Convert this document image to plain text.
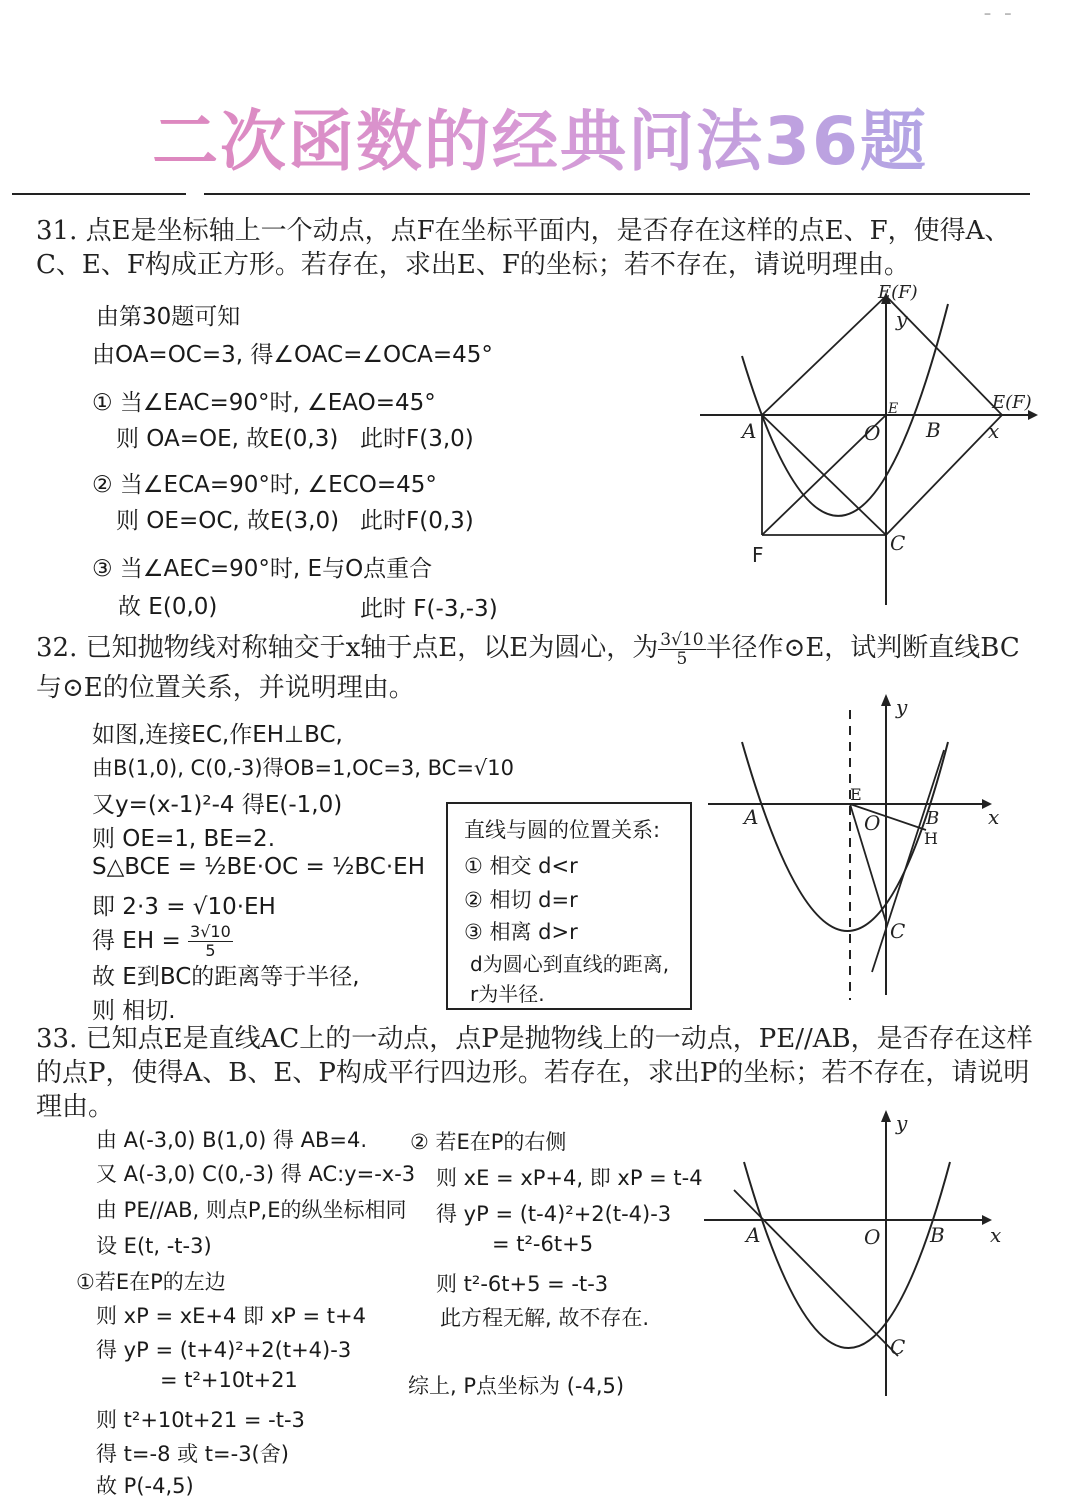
–   –
二次函数的经典问法36题
31. 点E是坐标轴上一个动点，点F在坐标平面内，是否存在这样的点E、F，使得A、C、E、F构成正方形。若存在，求出E、F的坐标；若不存在，请说明理由。
由第30题可知
由OA=OC=3, 得∠OAC=∠OCA=45°
① 当∠EAC=90°时, ∠EAO=45°
则 OA=OE, 故E(0,3) 此时F(3,0)
② 当∠ECA=90°时, ∠ECO=45°
则 OE=OC, 故E(3,0) 此时F(0,3)
③ 当∠AEC=90°时, E与O点重合
故 E(0,0)	此时 F(-3,-3)
E(F)
y
E(F)
E
A	O B x
C
F
32. 已知抛物线对称轴交于x轴于点E，以E为圆心，为 $\frac{3√10}{5}$ 半径作⊙E，试判断直线BC与⊙E的位置关系，并说明理由。
如图,连接EC,作EH⊥BC,
由B(1,0), C(0,-3)得OB=1,OC=3, BC=√10
又y=(x-1)²-4 得E(-1,0)
则 OE=1, BE=2.
S△BCE = ½BE·OC = ½BC·EH
即 2·3 = √10·EH
得 EH = $\frac{3√10}{5}$
故 E到BC的距离等于半径,
则 相切.
直线与圆的位置关系:
① 相交 d<r
② 相切 d=r
③ 相离 d>r
d为圆心到直线的距离,
r为半径.
y
E
A	O	B
H
x
C
33. 已知点E是直线AC上的一动点，点P是抛物线上的一动点，PE//AB，是否存在这样的点P，使得A、B、E、P构成平行四边形。若存在，求出P的坐标；若不存在，请说明理由。
由 A(-3,0) B(1,0) 得 AB=4.
又 A(-3,0) C(0,-3) 得 AC:y=-x-3
由 PE//AB, 则点P,E的纵坐标相同
设 E(t, -t-3)
①若E在P的左边
则 xP = xE+4 即 xP = t+4
得 yP = (t+4)²+2(t+4)-3
= t²+10t+21
则 t²+10t+21 = -t-3
得 t=-8 或 t=-3(舍)
故 P(-4,5)
② 若E在P的右侧
则 xE = xP+4, 即 xP = t-4
得 yP = (t-4)²+2(t-4)-3
= t²-6t+5
则 t²-6t+5 = -t-3
此方程无解, 故不存在.
综上, P点坐标为 (-4,5)
y
A	O B x
C
